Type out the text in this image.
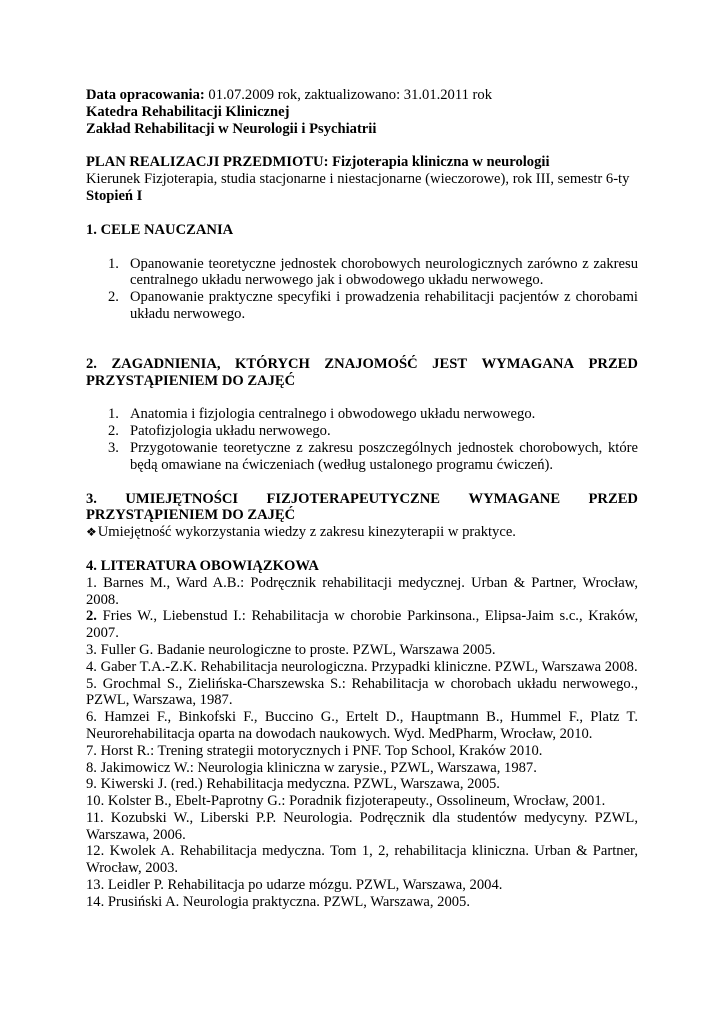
Data opracowania: 01.07.2009 rok, zaktualizowano: 31.01.2011 rok

Katedra Rehabilitacji Klinicznej

Zakład Rehabilitacji w Neurologii i Psychiatrii

PLAN REALIZACJI PRZEDMIOTU: Fizjoterapia kliniczna w neurologii

Kierunek Fizjoterapia, studia stacjonarne i niestacjonarne (wieczorowe), rok III, semestr 6-ty

Stopień I

1. CELE NAUCZANIA

1. Opanowanie teoretyczne jednostek chorobowych neurologicznych zarówno z zakresu centralnego układu nerwowego jak i obwodowego układu nerwowego.
2. Opanowanie praktyczne specyfiki i prowadzenia rehabilitacji pacjentów z chorobami układu nerwowego.
2. ZAGADNIENIA, KTÓRYCH ZNAJOMOŚĆ JEST WYMAGANA PRZED

PRZYSTĄPIENIEM DO ZAJĘĆ

1. Anatomia i fizjologia centralnego i obwodowego układu nerwowego.
2. Patofizjologia układu nerwowego.
3. Przygotowanie teoretyczne z zakresu poszczególnych jednostek chorobowych, które będą omawiane na ćwiczeniach (według ustalonego programu ćwiczeń).
3. UMIEJĘTNOŚCI FIZJOTERAPEUTYCZNE WYMAGANE PRZED

PRZYSTĄPIENIEM DO ZAJĘĆ

❖Umiejętność wykorzystania wiedzy z zakresu kinezyterapii w praktyce.

4. LITERATURA OBOWIĄZKOWA

1. Barnes M., Ward A.B.: Podręcznik rehabilitacji medycznej. Urban & Partner, Wrocław, 2008.

2. Fries W., Liebenstud I.: Rehabilitacja w chorobie Parkinsona., Elipsa-Jaim s.c., Kraków, 2007.

3. Fuller G. Badanie neurologiczne to proste. PZWL, Warszawa 2005.

4. Gaber T.A.-Z.K. Rehabilitacja neurologiczna. Przypadki kliniczne. PZWL, Warszawa 2008.

5. Grochmal S., Zielińska-Charszewska S.: Rehabilitacja w chorobach układu nerwowego., PZWL, Warszawa, 1987.

6. Hamzei F., Binkofski F., Buccino G., Ertelt D., Hauptmann B., Hummel F., Platz T. Neurorehabilitacja oparta na dowodach naukowych. Wyd. MedPharm, Wrocław, 2010.

7. Horst R.: Trening strategii motorycznych i PNF. Top School, Kraków 2010.

8. Jakimowicz W.: Neurologia kliniczna w zarysie., PZWL, Warszawa, 1987.

9. Kiwerski J. (red.) Rehabilitacja medyczna. PZWL, Warszawa, 2005.

10. Kolster B., Ebelt-Paprotny G.: Poradnik fizjoterapeuty., Ossolineum, Wrocław, 2001.

11. Kozubski W., Liberski P.P. Neurologia. Podręcznik dla studentów medycyny. PZWL, Warszawa, 2006.

12. Kwolek A. Rehabilitacja medyczna. Tom 1, 2, rehabilitacja kliniczna. Urban & Partner, Wrocław, 2003.

13. Leidler P. Rehabilitacja po udarze mózgu. PZWL, Warszawa, 2004.

14. Prusiński A. Neurologia praktyczna. PZWL, Warszawa, 2005.
